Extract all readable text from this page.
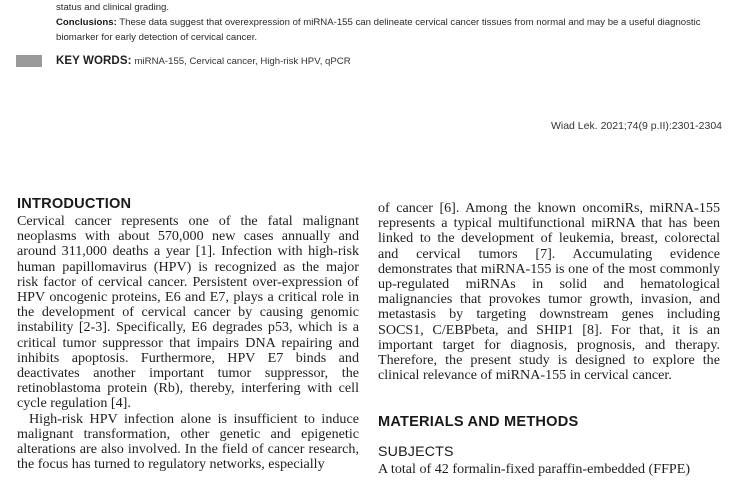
status and clinical grading.

Conclusions: These data suggest that overexpression of miRNA-155 can delineate cervical cancer tissues from normal and may be a useful diagnostic biomarker for early detection of cervical cancer.

KEY WORDS: miRNA-155, Cervical cancer, High-risk HPV, qPCR
Wiad Lek. 2021;74(9 p.II):2301-2304
INTRODUCTION

Cervical cancer represents one of the fatal malignant neoplasms with about 570,000 new cases annually and around 311,000 deaths a year [1]. Infection with high-risk human papillomavirus (HPV) is recognized as the major risk factor of cervical cancer. Persistent over-expression of HPV oncogenic proteins, E6 and E7, plays a critical role in the development of cervical cancer by causing genomic instability [2-3]. Specifically, E6 degrades p53, which is a critical tumor suppressor that impairs DNA repairing and inhibits apoptosis. Furthermore, HPV E7 binds and deactivates another important tumor suppressor, the retinoblastoma protein (Rb), thereby, interfering with cell cycle regulation [4].

High-risk HPV infection alone is insufficient to induce malignant transformation, other genetic and epigenetic alterations are also involved. In the field of cancer research, the focus has turned to regulatory networks, especially

of cancer [6]. Among the known oncomiRs, miRNA-155 represents a typical multifunctional miRNA that has been linked to the development of leukemia, breast, colorectal and cervical tumors [7]. Accumulating evidence demonstrates that miRNA-155 is one of the most commonly up-regulated miRNAs in solid and hematological malignancies that provokes tumor growth, invasion, and metastasis by targeting downstream genes including SOCS1, C/EBPbeta, and SHIP1 [8]. For that, it is an important target for diagnosis, prognosis, and therapy. Therefore, the present study is designed to explore the clinical relevance of miRNA-155 in cervical cancer.

MATERIALS AND METHODS
SUBJECTS

A total of 42 formalin-fixed paraffin-embedded (FFPE)
